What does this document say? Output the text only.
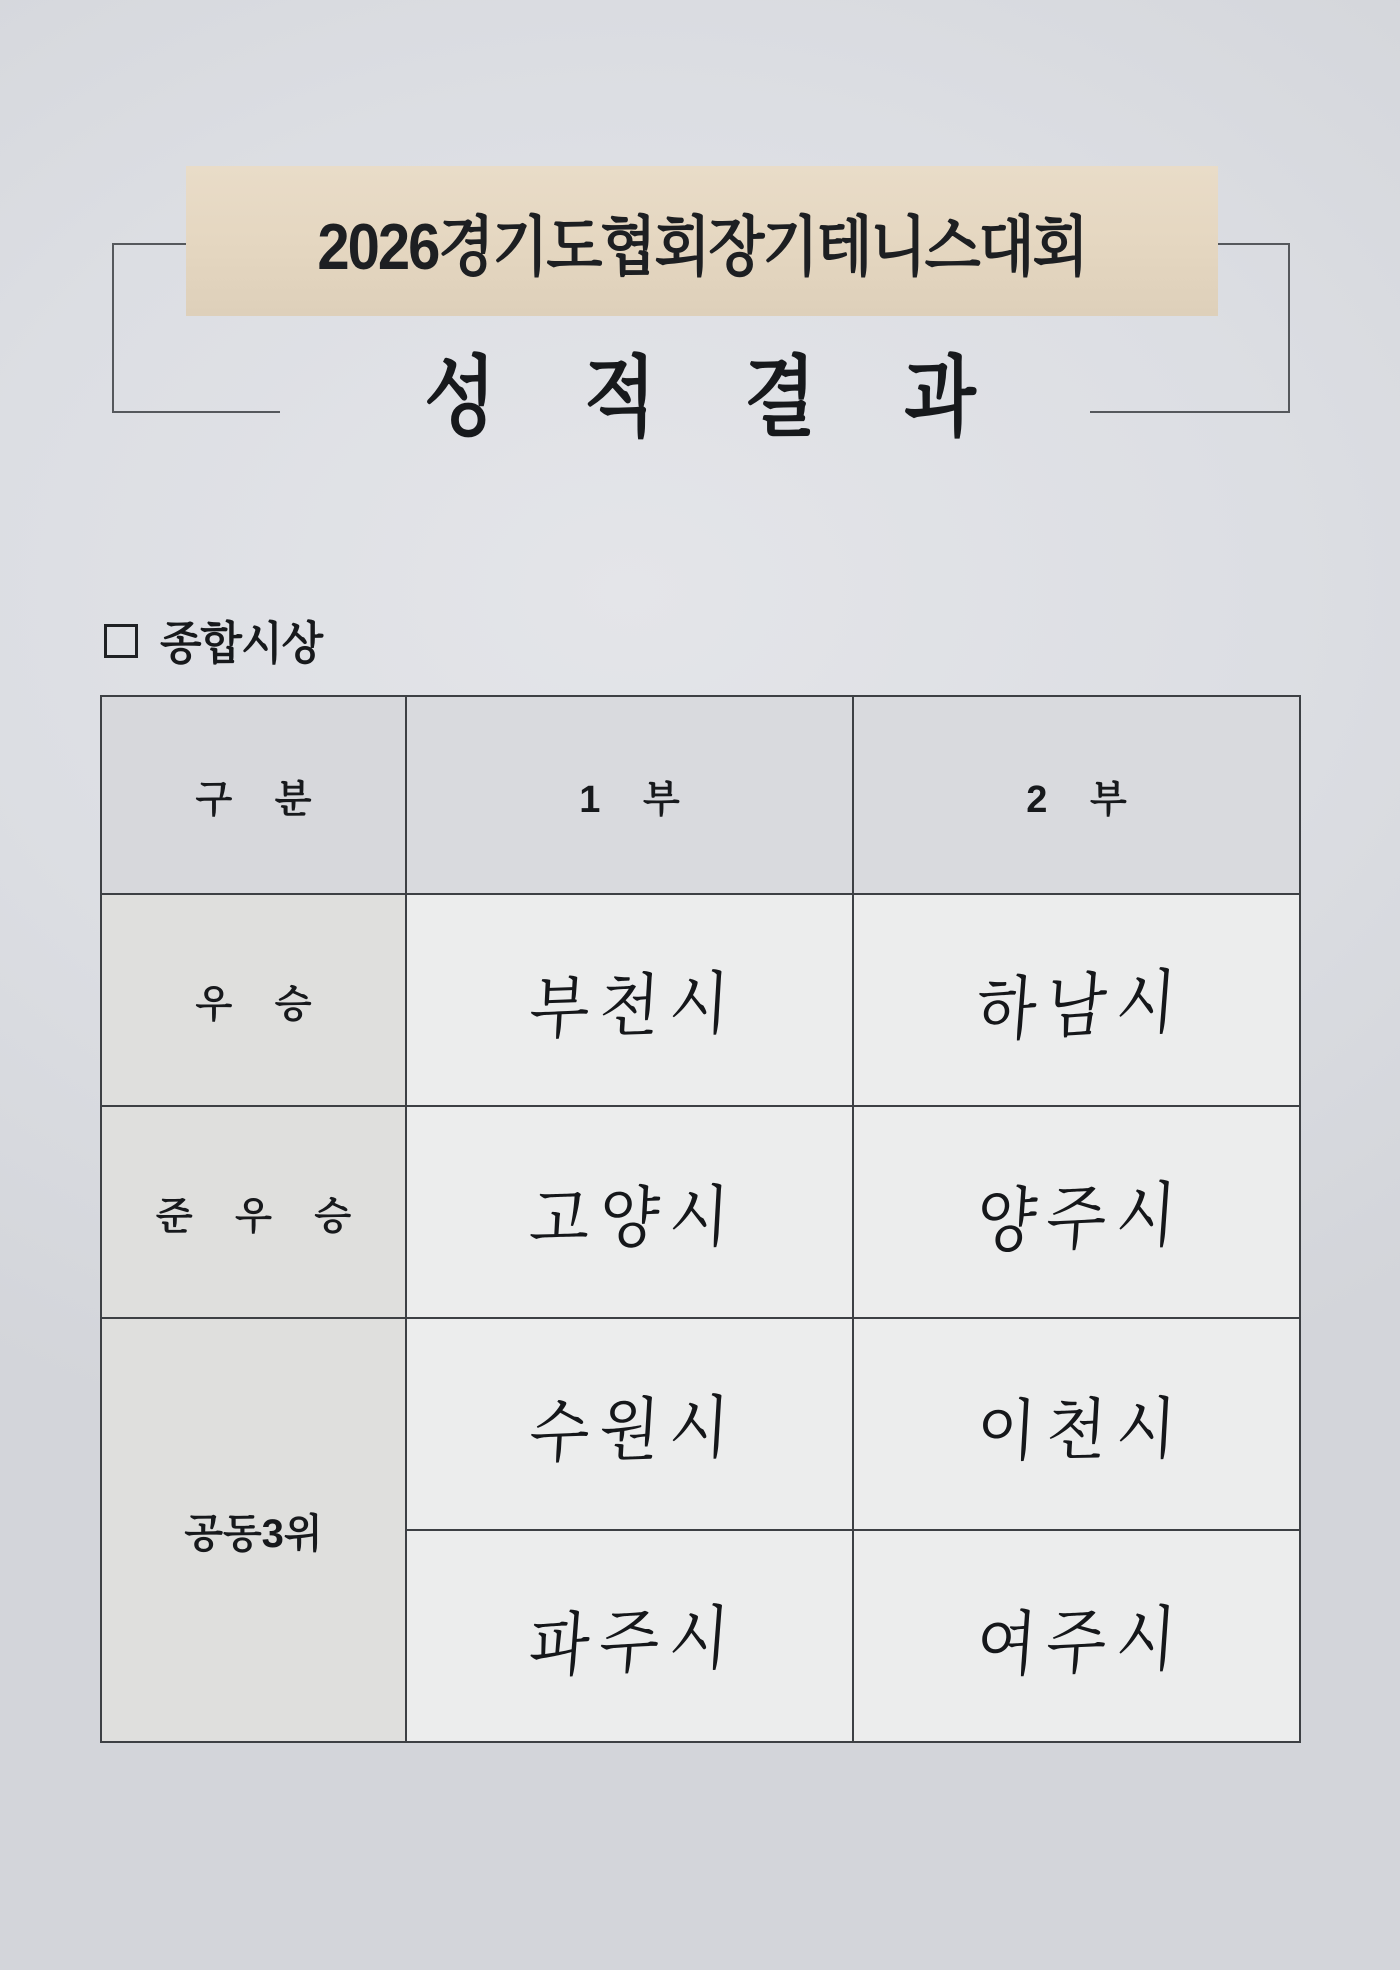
2026경기도협회장기테니스대회
성 적 결 과
종합시상
구 분	1 부	2 부
우 승	부천시	하남시
준 우 승	고양시	양주시
공동3위	수원시	이천시
	파주시	여주시
